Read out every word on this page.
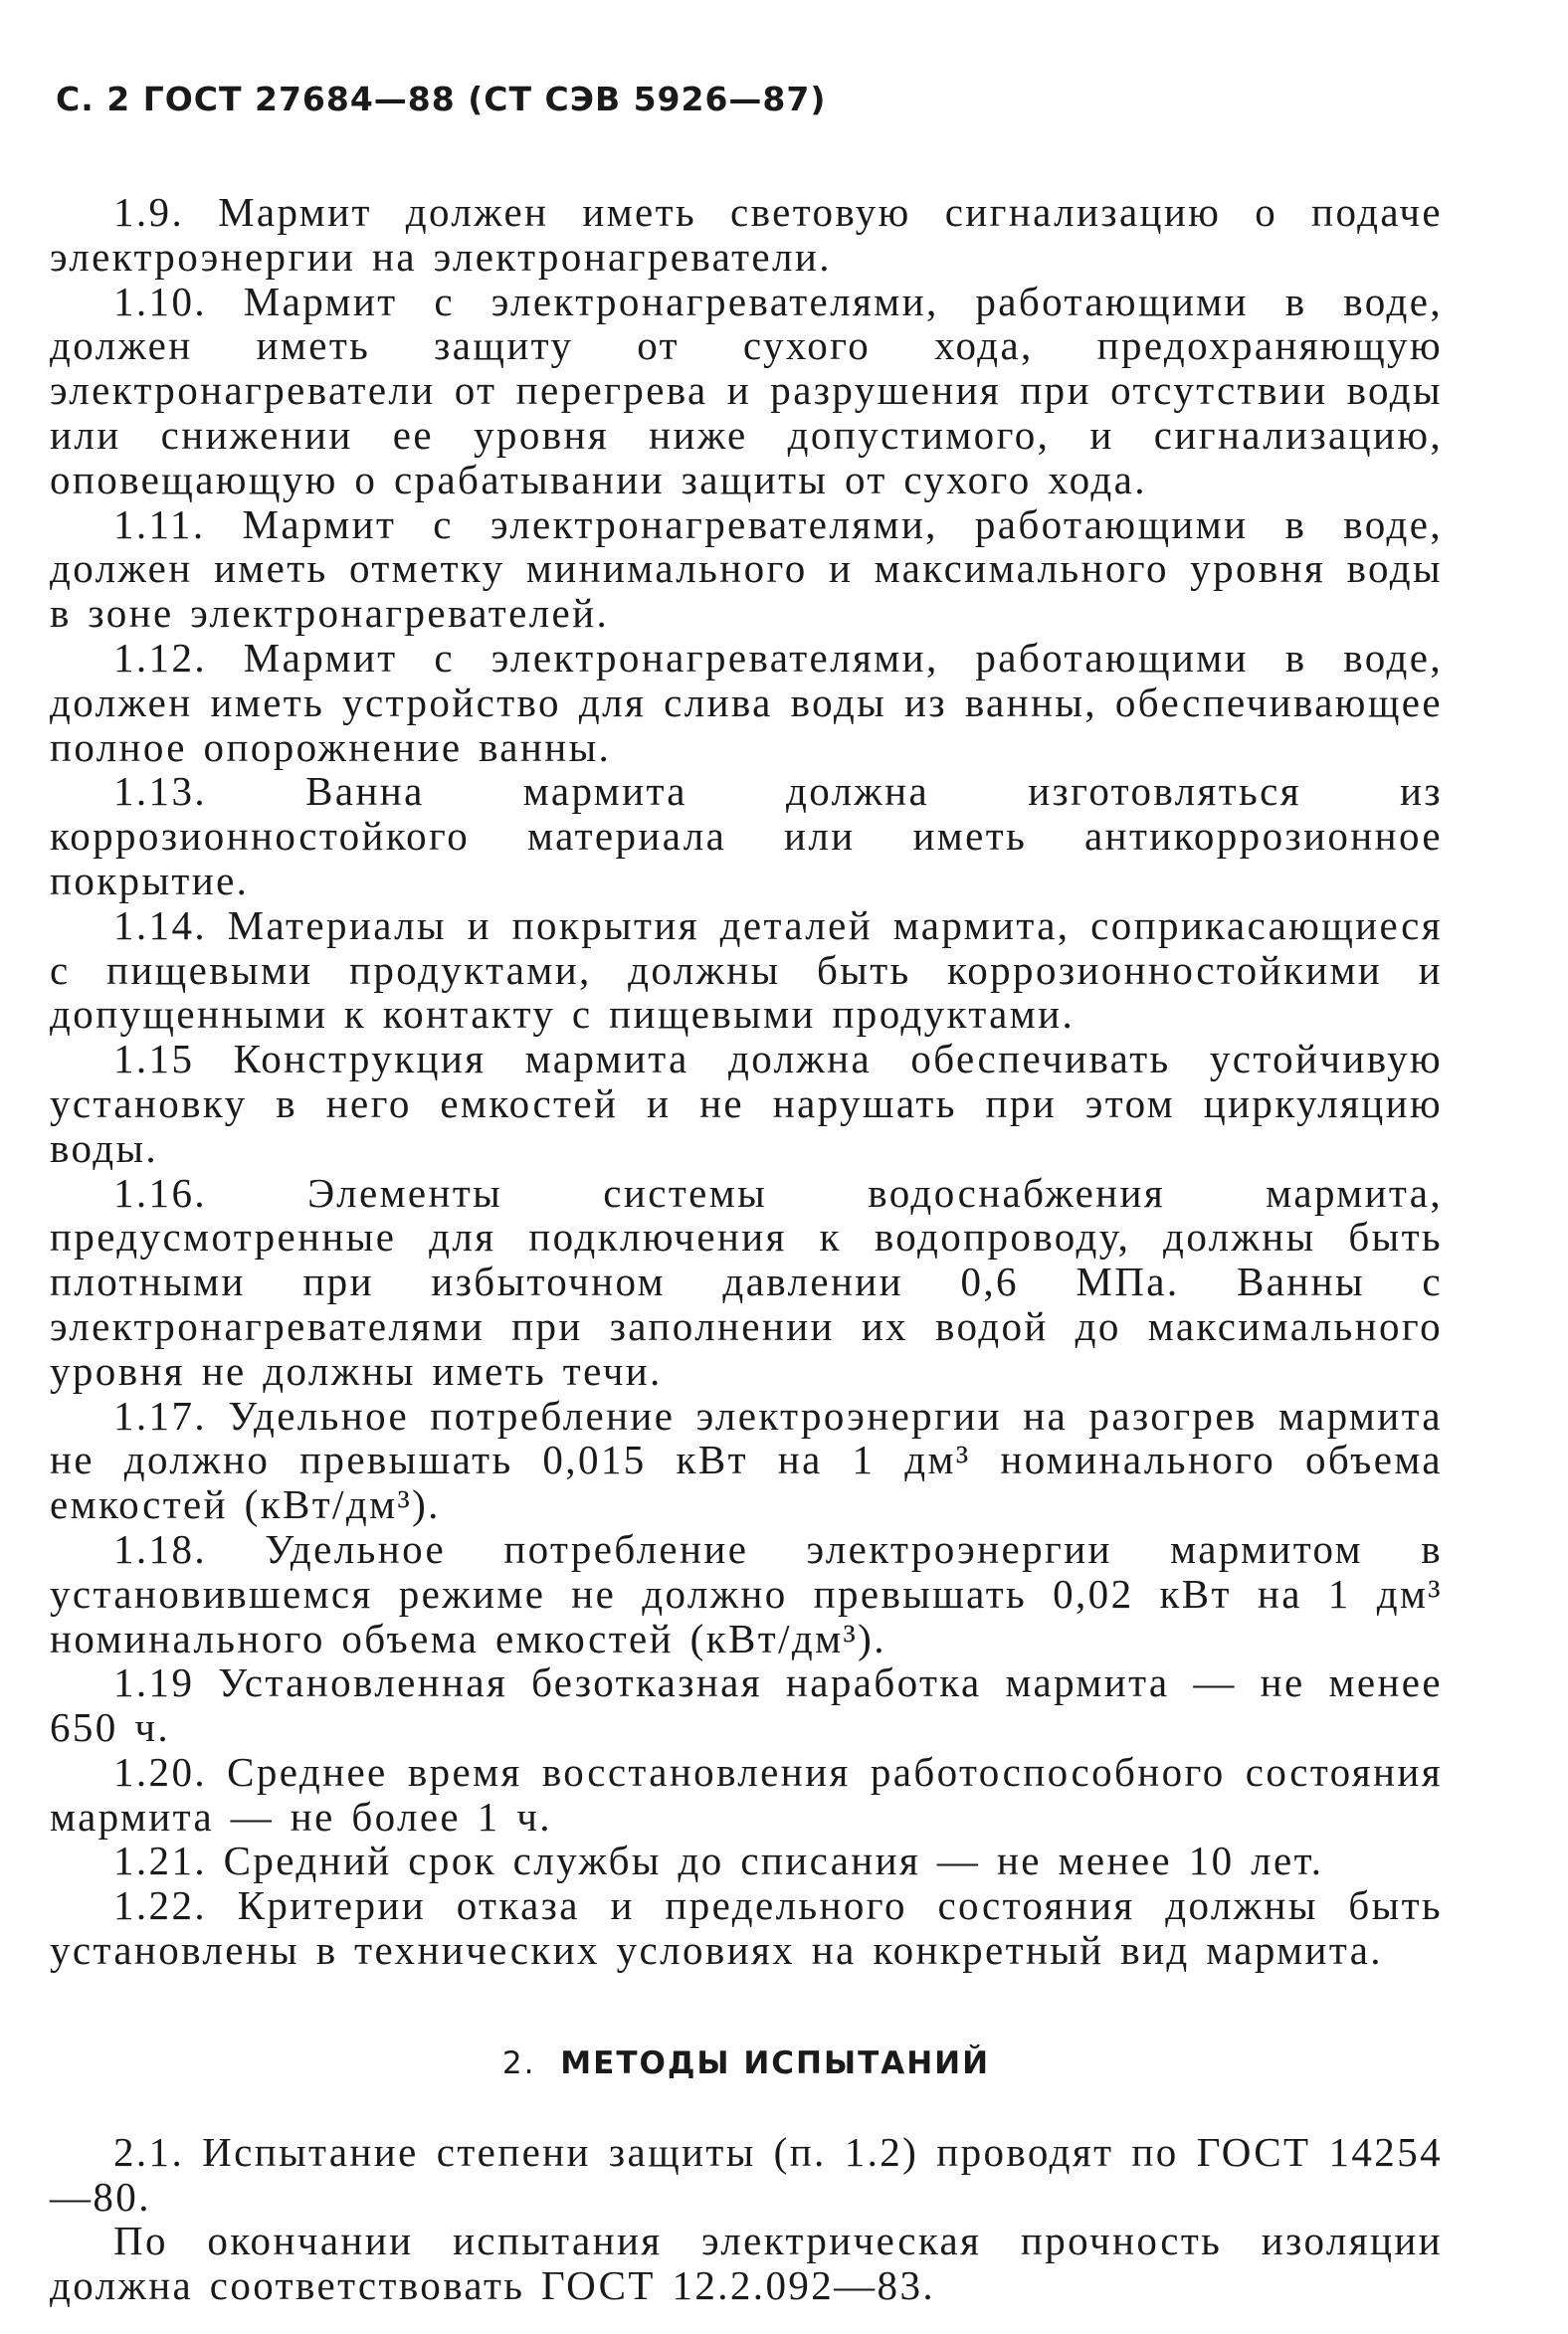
С. 2 ГОСТ 27684—88 (СТ СЭВ 5926—87)

1.9. Мармит должен иметь световую сигнализацию о подаче электроэнергии на электронагреватели.

1.10. Мармит с электронагревателями, работающими в воде, должен иметь защиту от сухого хода, предохраняющую электронагреватели от перегрева и разрушения при отсутствии воды или снижении ее уровня ниже допустимого, и сигнализацию, оповещающую о срабатывании защиты от сухого хода.

1.11. Мармит с электронагревателями, работающими в воде, должен иметь отметку минимального и максимального уровня воды в зоне электронагревателей.

1.12. Мармит с электронагревателями, работающими в воде, должен иметь устройство для слива воды из ванны, обеспечивающее полное опорожнение ванны.

1.13. Ванна мармита должна изготовляться из коррозионностойкого материала или иметь антикоррозионное покрытие.

1.14. Материалы и покрытия деталей мармита, соприкасающиеся с пищевыми продуктами, должны быть коррозионностойкими и допущенными к контакту с пищевыми продуктами.

1.15 Конструкция мармита должна обеспечивать устойчивую установку в него емкостей и не нарушать при этом циркуляцию воды.

1.16. Элементы системы водоснабжения мармита, предусмотренные для подключения к водопроводу, должны быть плотными при избыточном давлении 0,6 МПа. Ванны с электронагревателями при заполнении их водой до максимального уровня не должны иметь течи.

1.17. Удельное потребление электроэнергии на разогрев мармита не должно превышать 0,015 кВт на 1 дм³ номинального объема емкостей (кВт/дм³).

1.18. Удельное потребление электроэнергии мармитом в установившемся режиме не должно превышать 0,02 кВт на 1 дм³ номинального объема емкостей (кВт/дм³).

1.19 Установленная безотказная наработка мармита — не менее 650 ч.

1.20. Среднее время восстановления работоспособного состояния мармита — не более 1 ч.

1.21. Средний срок службы до списания — не менее 10 лет.

1.22. Критерии отказа и предельного состояния должны быть установлены в технических условиях на конкретный вид мармита.

2. МЕТОДЫ ИСПЫТАНИЙ

2.1. Испытание степени защиты (п. 1.2) проводят по ГОСТ 14254—80.

По окончании испытания электрическая прочность изоляции должна соответствовать ГОСТ 12.2.092—83.
